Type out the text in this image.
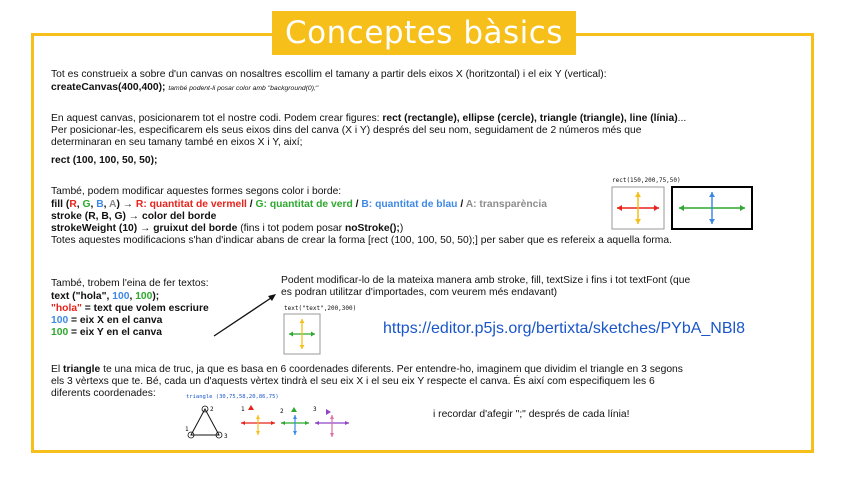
Conceptes bàsics
Tot es construeix a sobre d'un canvas on nosaltres escollim el tamany a partir dels eixos X (horitzontal) i el eix Y (vertical):
createCanvas(400,400); també podent-li posar color amb "background(0);"
En aquest canvas, posicionarem tot el nostre codi. Podem crear figures: rect (rectangle), ellipse (cercle), triangle (triangle), line (línia)...
Per posicionar-les, especificarem els seus eixos dins del canva (X i Y) després del seu nom, seguidament de 2 números més que
determinaran en seu tamany també en eixos X i Y, així;
rect (100, 100, 50, 50);
També, podem modificar aquestes formes segons color i borde:
fill (R, G, B, A) → R: quantitat de vermell / G: quantitat de verd / B: quantitat de blau / A: transparència
stroke (R, B, G) → color del borde
strokeWeight (10) → gruixut del borde (fins i tot podem posar noStroke();)
Totes aquestes modificacions s'han d'indicar abans de crear la forma [rect (100, 100, 50, 50);] per saber que es refereix a aquella forma.
rect(150,200,75,50)
També, trobem l'eina de fer textos:
text ("hola", 100, 100);
"hola" = text que volem escriure
100 = eix X en el canva
100 = eix Y en el canva
Podent modificar-lo de la mateixa manera amb stroke, fill, textSize i fins i tot textFont (que
es podran utilitzar d'importades, com veurem més endavant)
text("text",200,300)
https://editor.p5js.org/bertixta/sketches/PYbA_NBl8
El triangle te una mica de truc, ja que es basa en 6 coordenades diferents. Per entendre-ho, imaginem que dividim el triangle en 3 segons
els 3 vèrtexs que te. Bé, cada un d'aquests vèrtex tindrà el seu eix X i el seu eix Y respecte el canva. És així com especifiquem les 6
diferents coordenades:	triangle (30,75,58,20,86,75)
2
1
3
1	2	3	i recordar d'afegir ";" després de cada línia!
